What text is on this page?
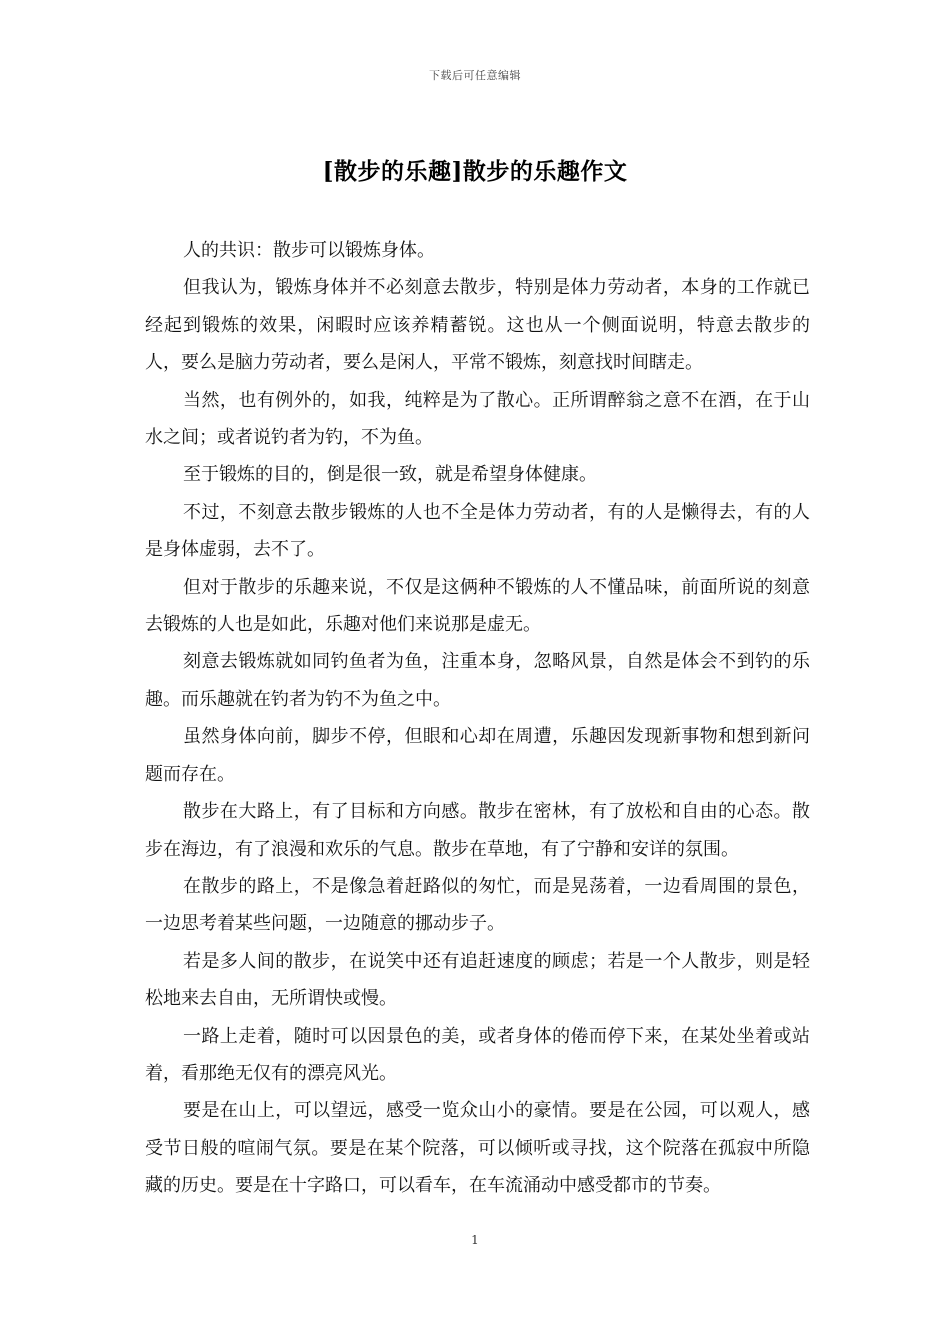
下载后可任意编辑
[散步的乐趣]散步的乐趣作文

人的共识：散步可以锻炼身体。

但我认为，锻炼身体并不必刻意去散步，特别是体力劳动者，本身的工作就已经起到锻炼的效果，闲暇时应该养精蓄锐。这也从一个侧面说明，特意去散步的人，要么是脑力劳动者，要么是闲人，平常不锻炼，刻意找时间瞎走。

当然，也有例外的，如我，纯粹是为了散心。正所谓醉翁之意不在酒，在于山水之间；或者说钓者为钓，不为鱼。

至于锻炼的目的，倒是很一致，就是希望身体健康。

不过，不刻意去散步锻炼的人也不全是体力劳动者，有的人是懒得去，有的人是身体虚弱，去不了。

但对于散步的乐趣来说，不仅是这俩种不锻炼的人不懂品味，前面所说的刻意去锻炼的人也是如此，乐趣对他们来说那是虚无。

刻意去锻炼就如同钓鱼者为鱼，注重本身，忽略风景，自然是体会不到钓的乐趣。而乐趣就在钓者为钓不为鱼之中。

虽然身体向前，脚步不停，但眼和心却在周遭，乐趣因发现新事物和想到新问题而存在。

散步在大路上，有了目标和方向感。散步在密林，有了放松和自由的心态。散步在海边，有了浪漫和欢乐的气息。散步在草地，有了宁静和安详的氛围。

在散步的路上，不是像急着赶路似的匆忙，而是晃荡着，一边看周围的景色，一边思考着某些问题，一边随意的挪动步子。

若是多人间的散步，在说笑中还有追赶速度的顾虑；若是一个人散步，则是轻松地来去自由，无所谓快或慢。

一路上走着，随时可以因景色的美，或者身体的倦而停下来，在某处坐着或站着，看那绝无仅有的漂亮风光。

要是在山上，可以望远，感受一览众山小的豪情。要是在公园，可以观人，感受节日般的喧闹气氛。要是在某个院落，可以倾听或寻找，这个院落在孤寂中所隐藏的历史。要是在十字路口，可以看车，在车流涌动中感受都市的节奏。

1
